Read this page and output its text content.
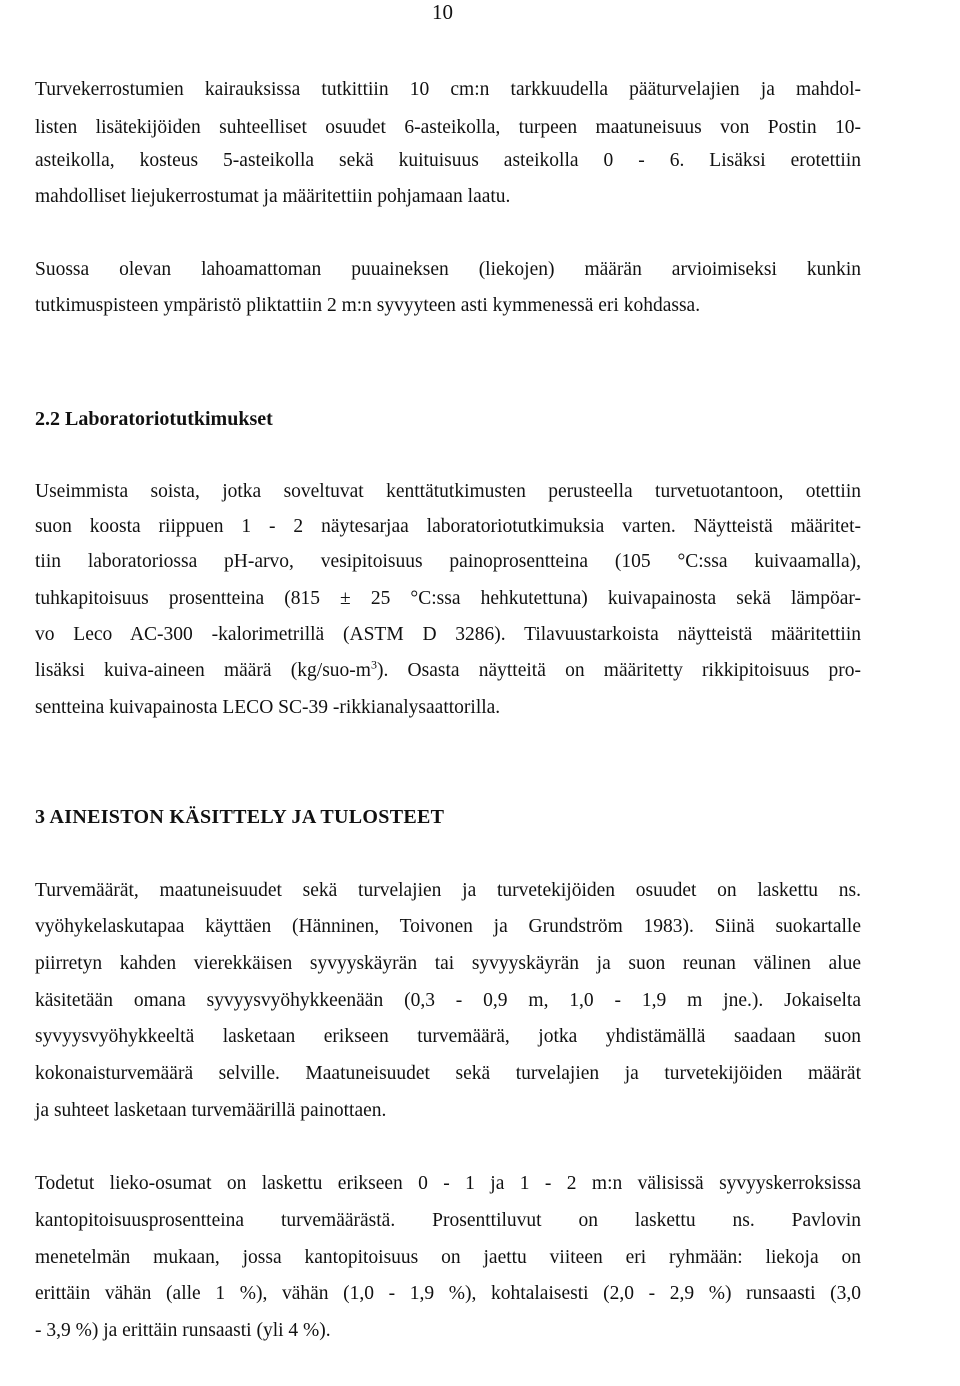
10
Turvekerrostumien kairauksissa tutkittiin 10 cm:n tarkkuudella pääturvelajien ja mahdol-
listen lisätekijöiden suhteelliset osuudet 6-asteikolla, turpeen maatuneisuus von Postin 10-
asteikolla, kosteus 5-asteikolla sekä kuituisuus asteikolla 0 - 6. Lisäksi erotettiin
mahdolliset liejukerrostumat ja määritettiin pohjamaan laatu.
Suossa olevan lahoamattoman puuaineksen (liekojen) määrän arvioimiseksi kunkin
tutkimuspisteen ympäristö pliktattiin 2 m:n syvyyteen asti kymmenessä eri kohdassa.
2.2 Laboratoriotutkimukset
Useimmista soista, jotka soveltuvat kenttätutkimusten perusteella turvetuotantoon, otettiin
suon koosta riippuen 1 - 2 näytesarjaa laboratoriotutkimuksia varten. Näytteistä määritet-
tiin laboratoriossa pH-arvo, vesipitoisuus painoprosentteina (105 °C:ssa kuivaamalla),
tuhkapitoisuus prosentteina (815 ± 25 °C:ssa hehkutettuna) kuivapainosta sekä lämpöar-
vo Leco AC-300 -kalorimetrillä (ASTM D 3286). Tilavuustarkoista näytteistä määritettiin
lisäksi kuiva-aineen määrä $(kg/suo-m^3)$. Osasta näytteitä on määritetty rikkipitoisuus pro-
sentteina kuivapainosta LECO SC-39 -rikkianalysaattorilla.
3 AINEISTON KÄSITTELY JA TULOSTEET
Turvemäärät, maatuneisuudet sekä turvelajien ja turvetekijöiden osuudet on laskettu ns.
vyöhykelaskutapaa käyttäen (Hänninen, Toivonen ja Grundström 1983). Siinä suokartalle
piirretyn kahden vierekkäisen syvyyskäyrän tai syvyyskäyrän ja suon reunan välinen alue
käsitetään omana syvyysvyöhykkeenään (0,3 - 0,9 m, 1,0 - 1,9 m jne.). Jokaiselta
syvyysvyöhykkeeltä lasketaan erikseen turvemäärä, jotka yhdistämällä saadaan suon
kokonaisturvemäärä selville. Maatuneisuudet sekä turvelajien ja turvetekijöiden määrät
ja suhteet lasketaan turvemäärillä painottaen.
Todetut lieko-osumat on laskettu erikseen 0 - 1 ja 1 - 2 m:n välisissä syvyyskerroksissa
kantopitoisuusprosentteina turvemäärästä. Prosenttiluvut on laskettu ns. Pavlovin
menetelmän mukaan, jossa kantopitoisuus on jaettu viiteen eri ryhmään: liekoja on
erittäin vähän (alle 1 %), vähän (1,0 - 1,9 %), kohtalaisesti (2,0 - 2,9 %) runsaasti (3,0
- 3,9 %) ja erittäin runsaasti (yli 4 %).
